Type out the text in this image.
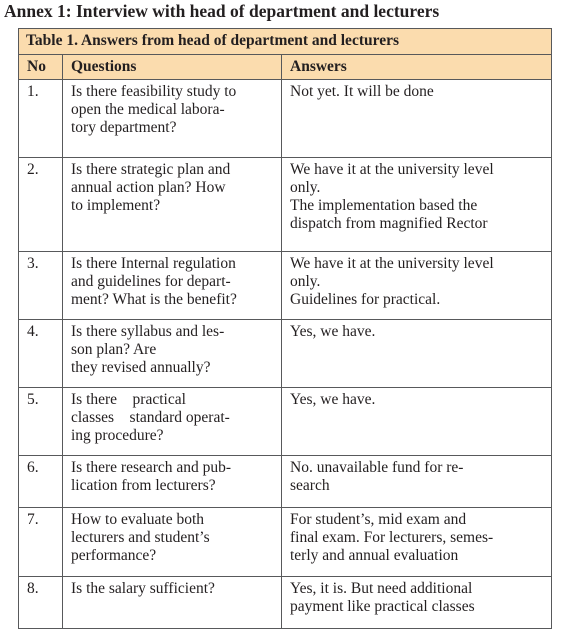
Annex 1: Interview with head of department and lecturers
Table 1. Answers from head of department and lecturers		
No	Questions	Answers
1.	Is there feasibility study to
open the medical labora-
tory department?	Not yet. It will be done

2.	Is there strategic plan and
annual action plan? How
to implement?	We have it at the university level
only.
The implementation based the
dispatch from magnified Rector

3.	Is there Internal regulation
and guidelines for depart-
ment? What is the benefit?	We have it at the university level
only.
Guidelines for practical.

4.	Is there syllabus and les-
son plan? Are
they revised annually?	Yes, we have.

5.	Is there    practical
classes    standard operat-
ing procedure?	Yes, we have.

6.	Is there research and pub-
lication from lecturers?	No. unavailable fund for re-
search

7.	How to evaluate both
lecturers and student’s
performance?	For student’s, mid exam and
final exam. For lecturers, semes-
terly and annual evaluation

8.	Is the salary sufficient?	Yes, it is. But need additional
payment like practical classes
